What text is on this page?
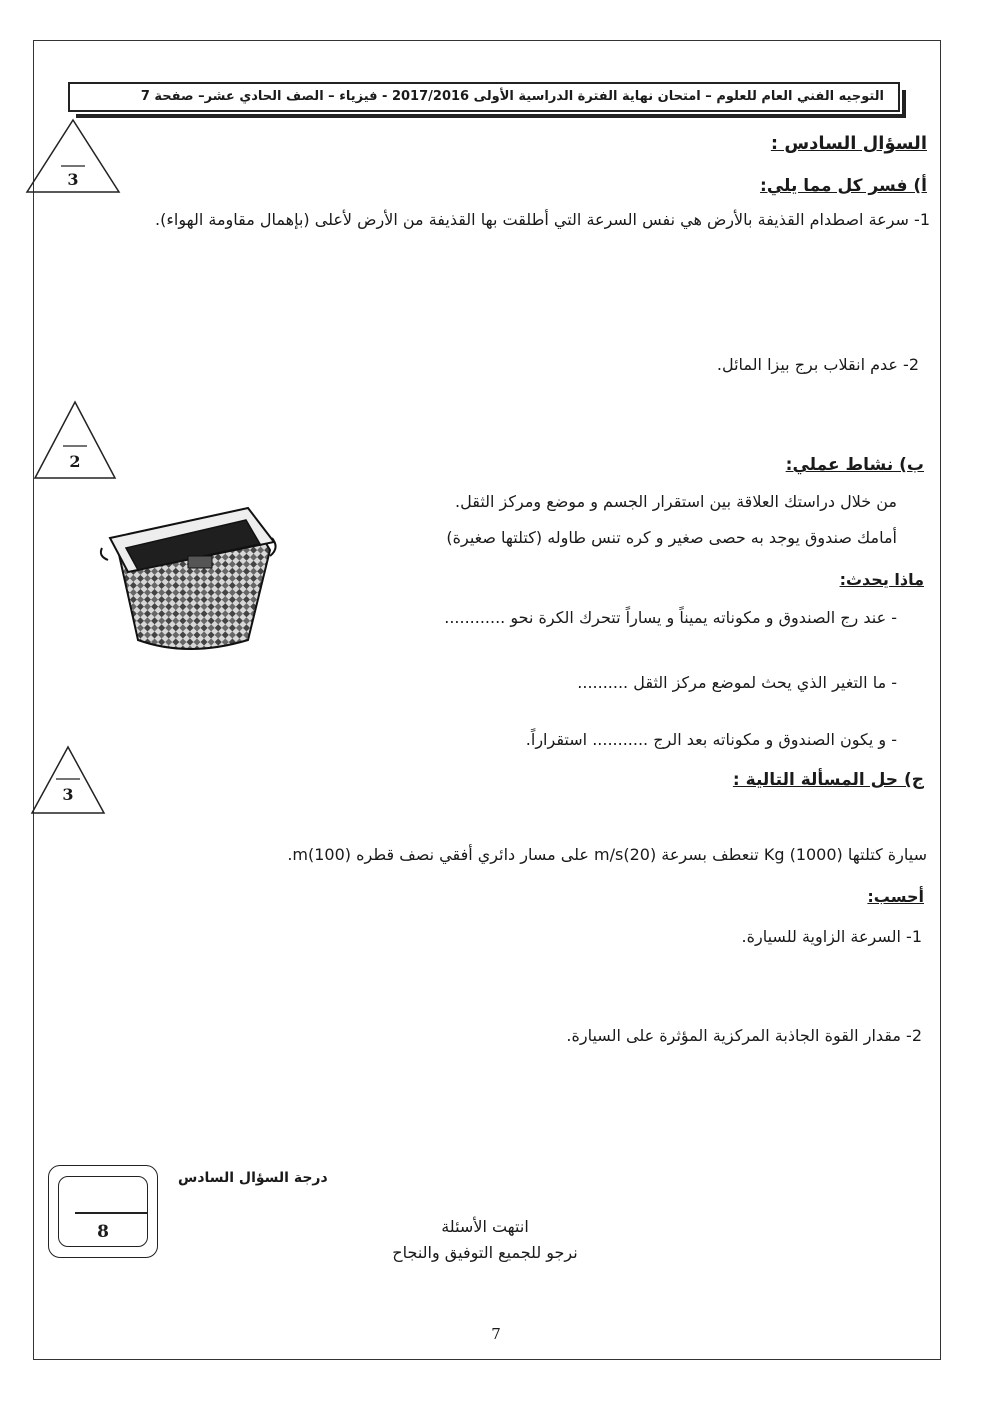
التوجيه الفني العام للعلوم – امتحان نهاية الفترة الدراسية الأولى 2017/2016 - فيزياء – الصف الحادي عشر– صفحة 7
السؤال السادس :
3	أ) فسر كل مما يلي:
1- سرعة اصطدام القذيفة بالأرض هي نفس السرعة التي أطلقت بها القذيفة من الأرض لأعلى (بإهمال مقاومة الهواء).
2- عدم انقلاب برج بيزا المائل.
2	ب) نشاط عملي:
من خلال دراستك العلاقة بين استقرار الجسم و موضع ومركز الثقل.
أمامك صندوق يوجد به حصى صغير و كره تنس طاوله (كتلتها صغيرة)
ماذا يحدث:
- عند رج الصندوق و مكوناته يميناً و يساراً تتحرك الكرة نحو ............
- ما التغير الذي يحث لموضع مركز الثقل ..........
- و يكون الصندوق و مكوناته بعد الرج ........... استقراراً.
3
ج) حل المسألة التالية :
سيارة كتلتها Kg (1000) تنعطف بسرعة (20)m/s على مسار دائري أفقي نصف قطره (100)m.
أحسب:
1- السرعة الزاوية للسيارة.
2- مقدار القوة الجاذبة المركزية المؤثرة على السيارة.
درجة السؤال السادس
8	انتهت الأسئلة
نرجو للجميع التوفيق والنجاح
7
